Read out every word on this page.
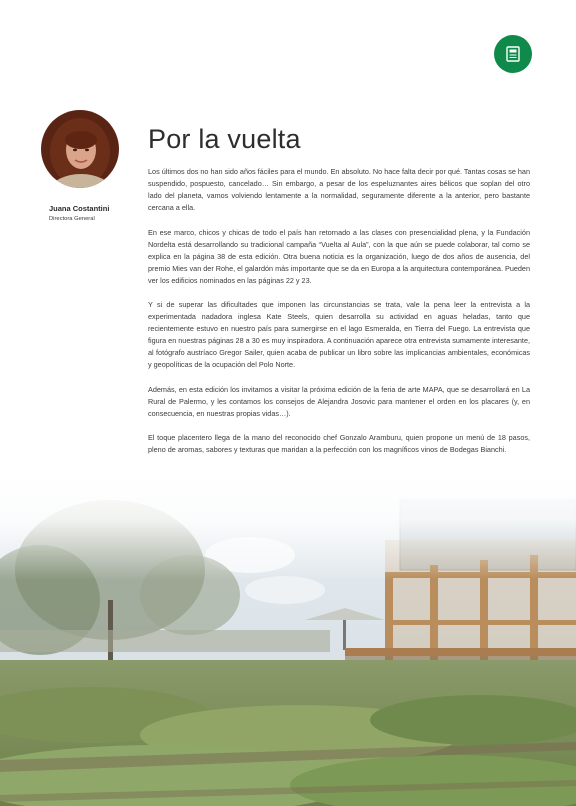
Juana Costantini
Directora General
Por la vuelta

Los últimos dos no han sido años fáciles para el mundo. En absoluto. No hace falta decir por qué. Tantas cosas se han suspendido, pospuesto, cancelado… Sin embargo, a pesar de los espeluznantes aires bélicos que soplan del otro lado del planeta, vamos volviendo lentamente a la normalidad, seguramente diferente a la anterior, pero bastante cercana a ella.

En ese marco, chicos y chicas de todo el país han retornado a las clases con presencialidad plena, y la Fundación Nordelta está desarrollando su tradicional campaña “Vuelta al Aula”, con la que aún se puede colaborar, tal como se explica en la página 38 de esta edición. Otra buena noticia es la organización, luego de dos años de ausencia, del premio Mies van der Rohe, el galardón más importante que se da en Europa a la arquitectura contemporánea. Pueden ver los edificios nominados en las páginas 22 y 23.

Y si de superar las dificultades que imponen las circunstancias se trata, vale la pena leer la entrevista a la experimentada nadadora inglesa Kate Steels, quien desarrolla su actividad en aguas heladas, tanto que recientemente estuvo en nuestro país para sumergirse en el lago Esmeralda, en Tierra del Fuego. La entrevista que figura en nuestras páginas 28 a 30 es muy inspiradora. A continuación aparece otra entrevista sumamente interesante, al fotógrafo austríaco Gregor Sailer, quien acaba de publicar un libro sobre las implicancias ambientales, económicas y geopolíticas de la ocupación del Polo Norte.

Además, en esta edición los invitamos a visitar la próxima edición de la feria de arte MAPA, que se desarrollará en La Rural de Palermo, y les contamos los consejos de Alejandra Josovic para mantener el orden en los placares (y, en consecuencia, en nuestras propias vidas…).

El toque placentero llega de la mano del reconocido chef Gonzalo Aramburu, quien propone un menú de 18 pasos, pleno de aromas, sabores y texturas que maridan a la perfección con los magníficos vinos de Bodegas Bianchi.
